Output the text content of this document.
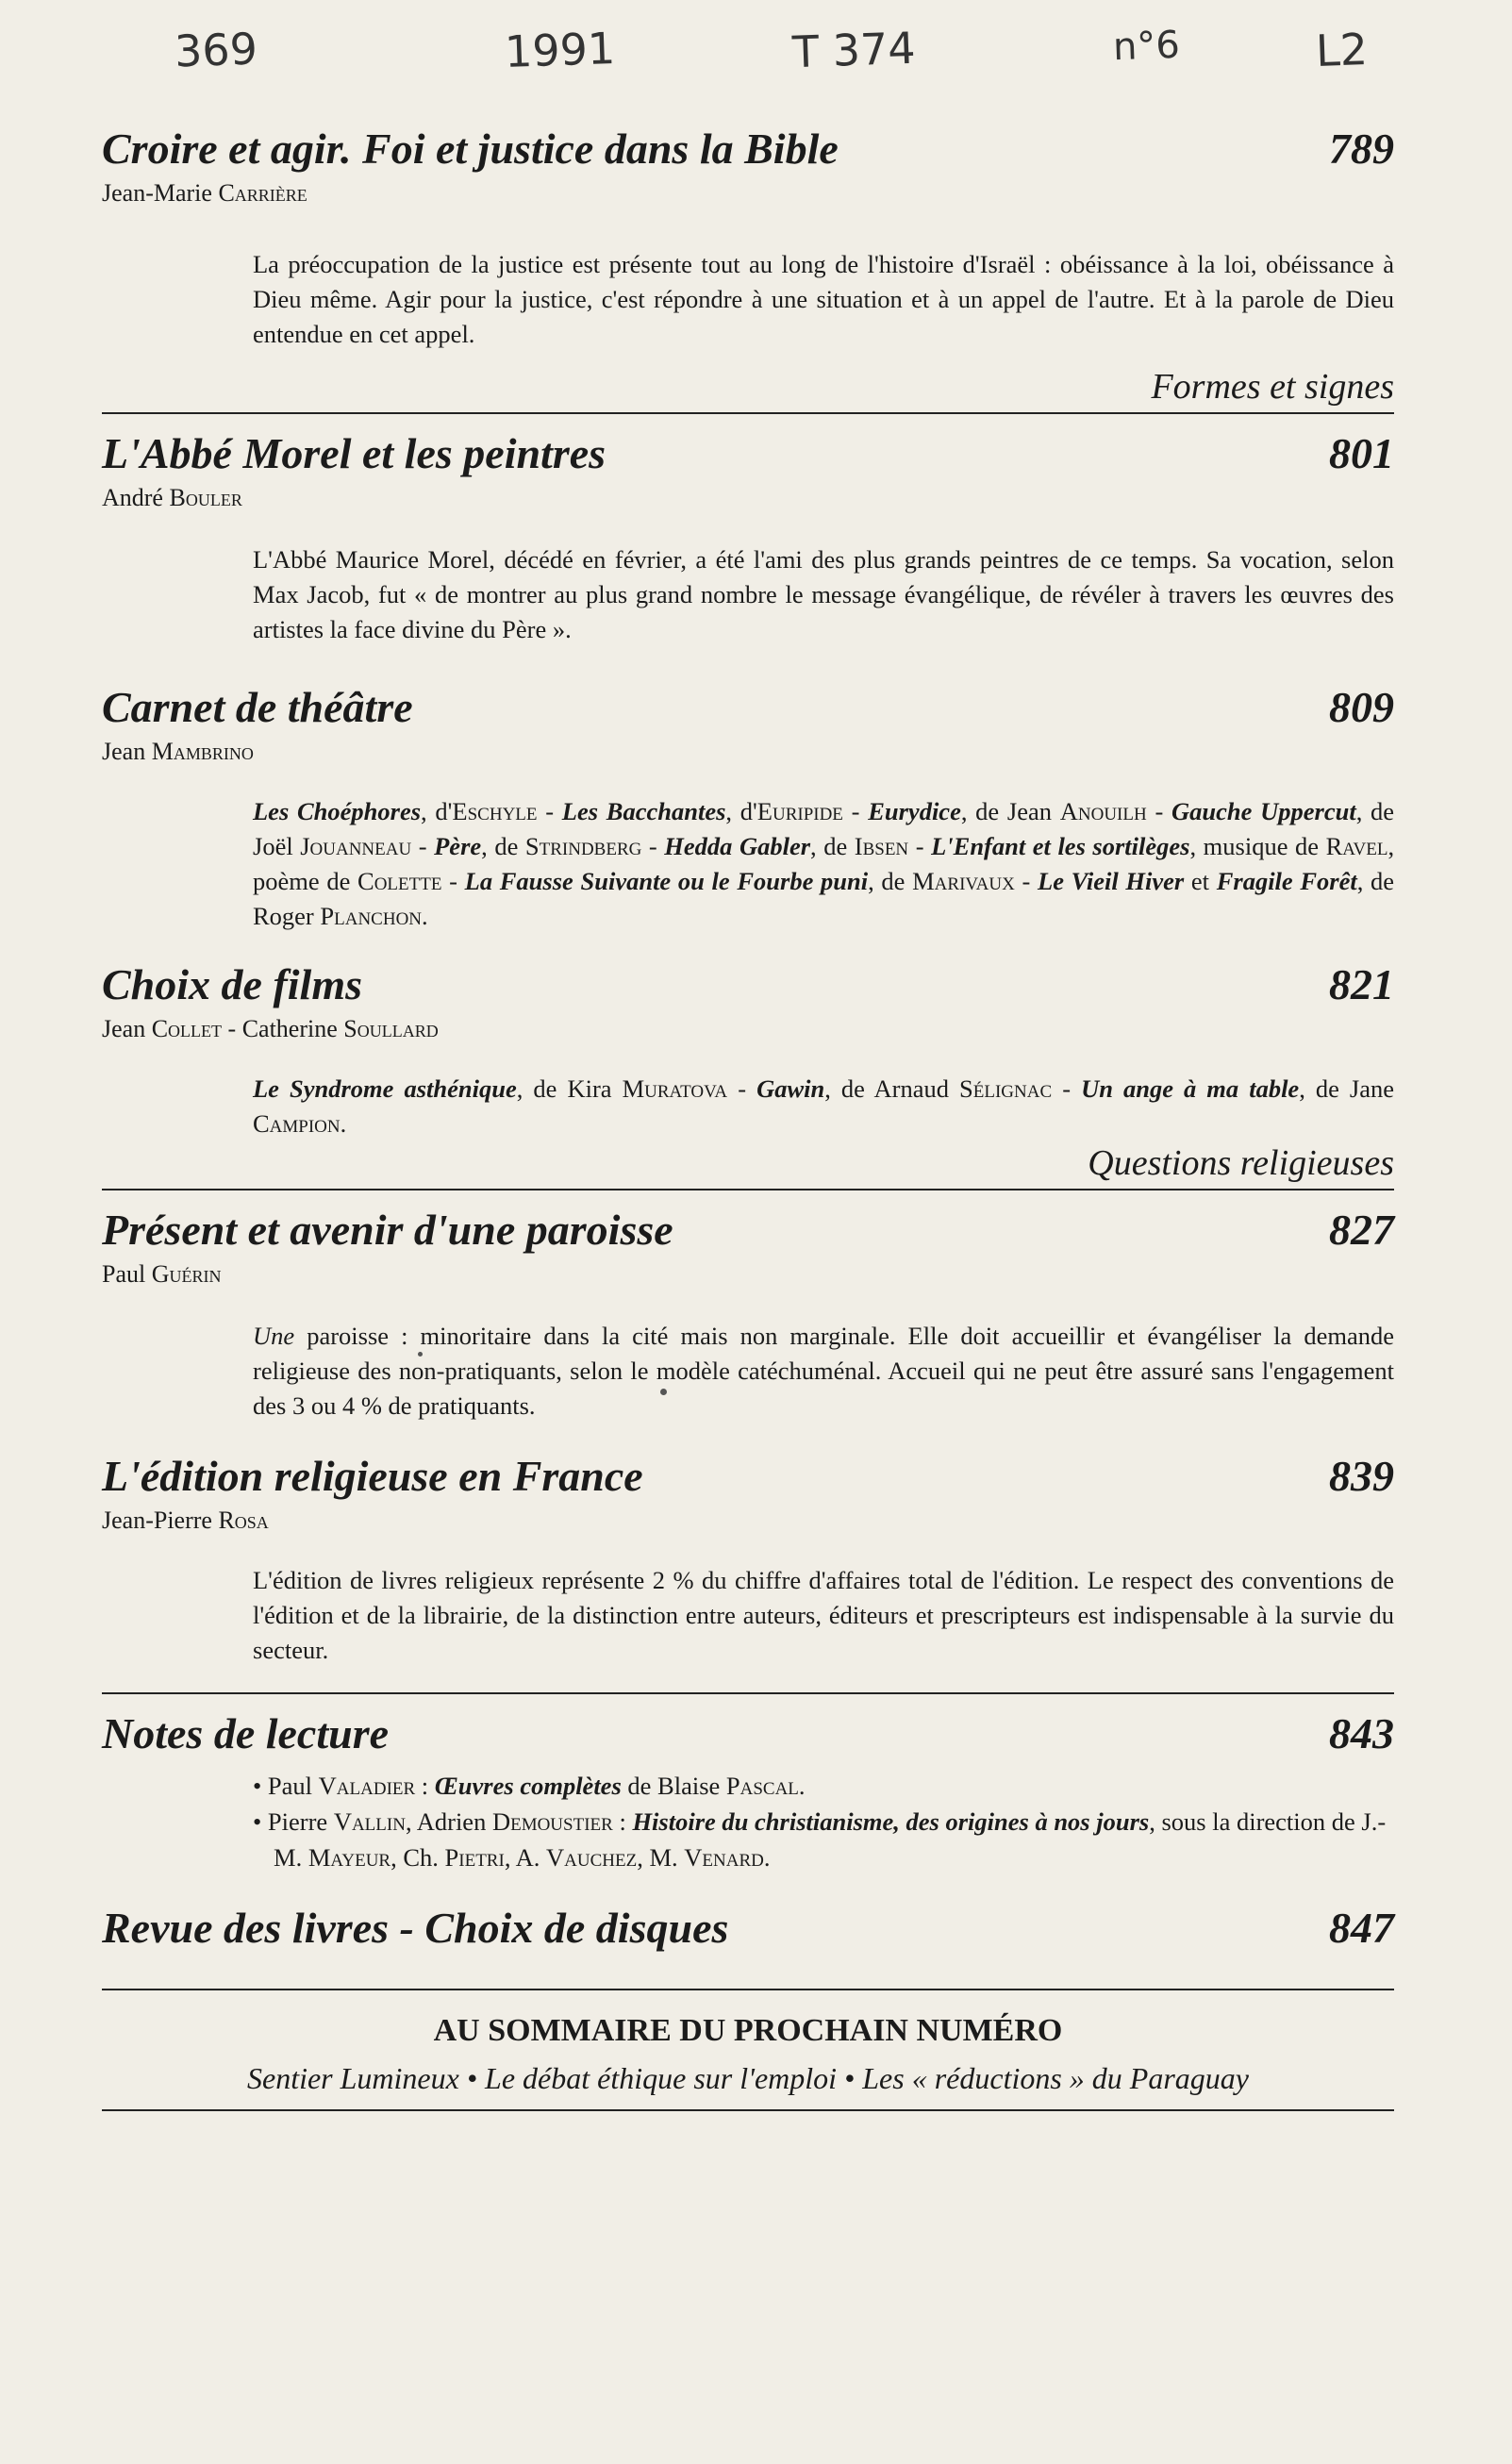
369	1991	T 374	n°6	L2
Croire et agir. Foi et justice dans la Bible	789
Jean-Marie Carrière
La préoccupation de la justice est présente tout au long de l'histoire d'Israël : obéissance à la loi, obéissance à Dieu même. Agir pour la justice, c'est répondre à une situation et à un appel de l'autre. Et à la parole de Dieu entendue en cet appel.
Formes et signes
L'Abbé Morel et les peintres	801
André Bouler
L'Abbé Maurice Morel, décédé en février, a été l'ami des plus grands peintres de ce temps. Sa vocation, selon Max Jacob, fut « de montrer au plus grand nombre le message évangélique, de révéler à travers les œuvres des artistes la face divine du Père ».
Carnet de théâtre	809
Jean Mambrino
Les Choéphores, d'Eschyle - Les Bacchantes, d'Euripide - Eurydice, de Jean Anouilh - Gauche Uppercut, de Joël Jouanneau - Père, de Strindberg - Hedda Gabler, de Ibsen - L'Enfant et les sortilèges, musique de Ravel, poème de Colette - La Fausse Suivante ou le Fourbe puni, de Marivaux - Le Vieil Hiver et Fragile Forêt, de Roger Planchon.
Choix de films	821
Jean Collet - Catherine Soullard
Le Syndrome asthénique, de Kira Muratova - Gawin, de Arnaud Sélignac - Un ange à ma table, de Jane Campion.
Questions religieuses
Présent et avenir d'une paroisse	827
Paul Guérin
Une paroisse : minoritaire dans la cité mais non marginale. Elle doit accueillir et évangéliser la demande religieuse des non-pratiquants, selon le modèle catéchuménal. Accueil qui ne peut être assuré sans l'engagement des 3 ou 4 % de pratiquants.
L'édition religieuse en France	839
Jean-Pierre Rosa
L'édition de livres religieux représente 2 % du chiffre d'affaires total de l'édition. Le respect des conventions de l'édition et de la librairie, de la distinction entre auteurs, éditeurs et prescripteurs est indispensable à la survie du secteur.
Notes de lecture	843
• Paul Valadier : Œuvres complètes de Blaise Pascal.
• Pierre Vallin, Adrien Demoustier : Histoire du christianisme, des origines à nos jours, sous la direction de J.-M. Mayeur, Ch. Pietri, A. Vauchez, M. Venard.
Revue des livres - Choix de disques	847
AU SOMMAIRE DU PROCHAIN NUMÉRO
Sentier Lumineux • Le débat éthique sur l'emploi • Les « réductions » du Paraguay
